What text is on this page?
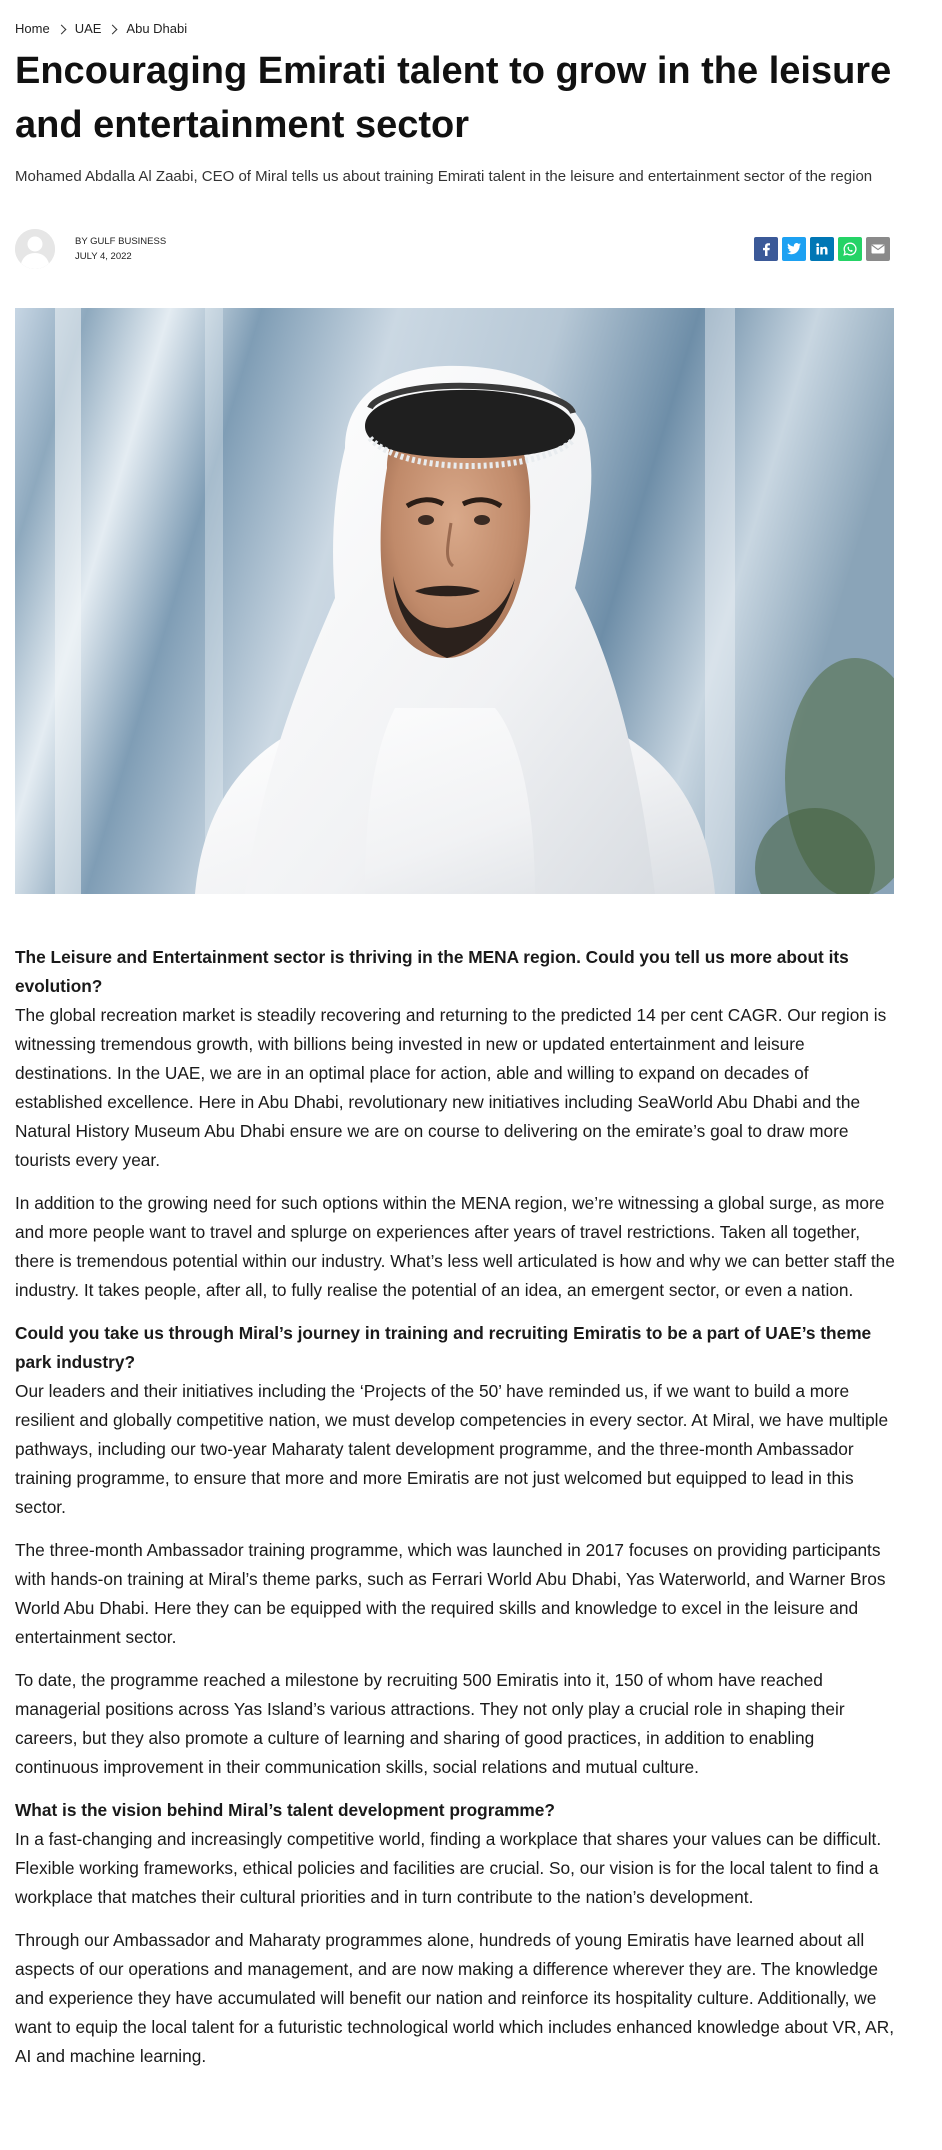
Home UAE Abu Dhabi
Encouraging Emirati talent to grow in the leisure and entertainment sector

Mohamed Abdalla Al Zaabi, CEO of Miral tells us about training Emirati talent in the leisure and entertainment sector of the region

BY GULF BUSINESS
JULY 4, 2022

The Leisure and Entertainment sector is thriving in the MENA region. Could you tell us more about its evolution?
The global recreation market is steadily recovering and returning to the predicted 14 per cent CAGR. Our region is witnessing tremendous growth, with billions being invested in new or updated entertainment and leisure destinations. In the UAE, we are in an optimal place for action, able and willing to expand on decades of established excellence. Here in Abu Dhabi, revolutionary new initiatives including SeaWorld Abu Dhabi and the Natural History Museum Abu Dhabi ensure we are on course to delivering on the emirate’s goal to draw more tourists every year.

In addition to the growing need for such options within the MENA region, we’re witnessing a global surge, as more and more people want to travel and splurge on experiences after years of travel restrictions. Taken all together, there is tremendous potential within our industry. What’s less well articulated is how and why we can better staff the industry. It takes people, after all, to fully realise the potential of an idea, an emergent sector, or even a nation.

Could you take us through Miral’s journey in training and recruiting Emiratis to be a part of UAE’s theme park industry?
Our leaders and their initiatives including the ‘Projects of the 50’ have reminded us, if we want to build a more resilient and globally competitive nation, we must develop competencies in every sector. At Miral, we have multiple pathways, including our two-year Maharaty talent development programme, and the three-month Ambassador training programme, to ensure that more and more Emiratis are not just welcomed but equipped to lead in this sector.

The three-month Ambassador training programme, which was launched in 2017 focuses on providing participants with hands-on training at Miral’s theme parks, such as Ferrari World Abu Dhabi, Yas Waterworld, and Warner Bros World Abu Dhabi. Here they can be equipped with the required skills and knowledge to excel in the leisure and entertainment sector.

To date, the programme reached a milestone by recruiting 500 Emiratis into it, 150 of whom have reached managerial positions across Yas Island’s various attractions. They not only play a crucial role in shaping their careers, but they also promote a culture of learning and sharing of good practices, in addition to enabling continuous improvement in their communication skills, social relations and mutual culture.

What is the vision behind Miral’s talent development programme?
In a fast-changing and increasingly competitive world, finding a workplace that shares your values can be difficult. Flexible working frameworks, ethical policies and facilities are crucial. So, our vision is for the local talent to find a workplace that matches their cultural priorities and in turn contribute to the nation’s development.

Through our Ambassador and Maharaty programmes alone, hundreds of young Emiratis have learned about all aspects of our operations and management, and are now making a difference wherever they are. The knowledge and experience they have accumulated will benefit our nation and reinforce its hospitality culture. Additionally, we want to equip the local talent for a futuristic technological world which includes enhanced knowledge about VR, AR, AI and machine learning.
